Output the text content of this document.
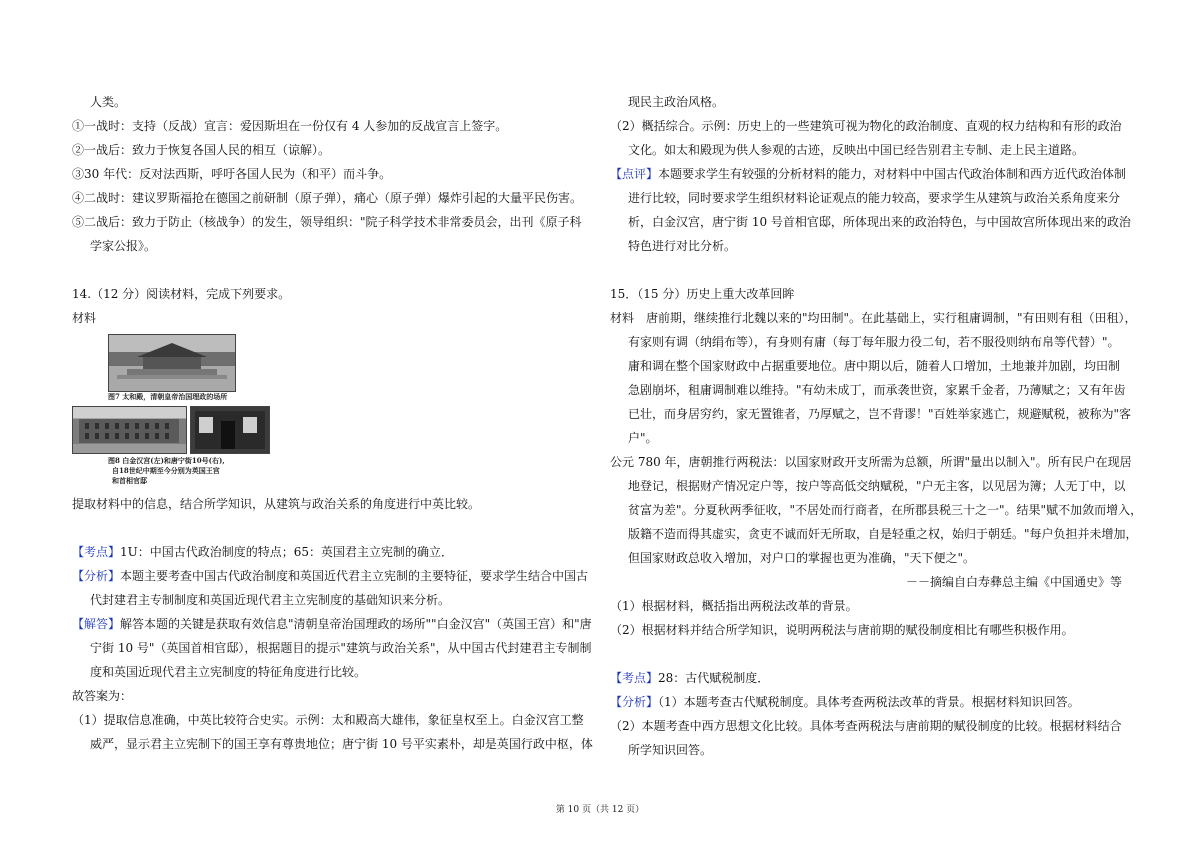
人类。
①一战时：支持（反战）宣言：爱因斯坦在一份仅有 4 人参加的反战宣言上签字。
②一战后：致力于恢复各国人民的相互（谅解）。
③30 年代：反对法西斯，呼吁各国人民为（和平）而斗争。
④二战时：建议罗斯福抢在德国之前研制（原子弹），痛心（原子弹）爆炸引起的大量平民伤害。
⑤二战后：致力于防止（核战争）的发生，领导组织："院子科学技术非常委员会，出刊《原子科
学家公报》。
14.（12 分）阅读材料，完成下列要求。
材料
图7 太和殿，清朝皇帝治国理政的场所
图8 白金汉宫(左)和唐宁街10号(右),
自18世纪中期至今分别为英国王宫
和首相官邸
提取材料中的信息，结合所学知识，从建筑与政治关系的角度进行中英比较。
【考点】1U：中国古代政治制度的特点；65：英国君主立宪制的确立．
【分析】本题主要考查中国古代政治制度和英国近代君主立宪制的主要特征，要求学生结合中国古
代封建君主专制制度和英国近现代君主立宪制度的基础知识来分析。
【解答】解答本题的关键是获取有效信息"清朝皇帝治国理政的场所""白金汉宫"（英国王宫）和"唐
宁街 10 号"（英国首相官邸），根据题目的提示"建筑与政治关系"，从中国古代封建君主专制制
度和英国近现代君主立宪制度的特征角度进行比较。
故答案为：
（1）提取信息准确，中英比较符合史实。示例：太和殿高大雄伟，象征皇权至上。白金汉宫工整
威严，显示君主立宪制下的国王享有尊贵地位；唐宁街 10 号平实素朴，却是英国行政中枢，体
现民主政治风格。
（2）概括综合。示例：历史上的一些建筑可视为物化的政治制度、直观的权力结构和有形的政治
文化。如太和殿现为供人参观的古迹，反映出中国已经告别君主专制、走上民主道路。
【点评】本题要求学生有较强的分析材料的能力，对材料中中国古代政治体制和西方近代政治体制
进行比较，同时要求学生组织材料论证观点的能力较高，要求学生从建筑与政治关系角度来分
析，白金汉宫，唐宁街 10 号首相官邸，所体现出来的政治特色，与中国故宫所体现出来的政治
特色进行对比分析。
15．（15 分）历史上重大改革回眸
材料　唐前期，继续推行北魏以来的"均田制"。在此基础上，实行租庸调制，"有田则有租（田租），
有家则有调（纳绢布等），有身则有庸（每丁每年服力役二旬，若不服役则纳布帛等代替）"。
庸和调在整个国家财政中占据重要地位。唐中期以后，随着人口增加，土地兼并加剧，均田制
急剧崩坏，租庸调制难以维持。"有幼未成丁，而承袭世资，家累千金者，乃薄赋之；又有年齿
已壮，而身居穷约，家无置锥者，乃厚赋之，岂不背谬！"百姓举家逃亡，规避赋税，被称为"客
户"。
公元 780 年，唐朝推行两税法：以国家财政开支所需为总额，所谓"量出以制入"。所有民户在现居
地登记，根据财产情况定户等，按户等高低交纳赋税，"户无主客，以见居为簿；人无丁中，以
贫富为差"。分夏秋两季征收，"不居处而行商者，在所郡县税三十之一"。结果"赋不加敛而增入，
版籍不造而得其虚实，贪吏不诚而奸无所取，自是轻重之权，始归于朝廷。"每户负担并未增加，
但国家财政总收入增加，对户口的掌握也更为准确，"天下便之"。
－－摘编自白寿彝总主编《中国通史》等
（1）根据材料，概括指出两税法改革的背景。
（2）根据材料并结合所学知识，说明两税法与唐前期的赋役制度相比有哪些积极作用。
【考点】28：古代赋税制度．
【分析】（1）本题考查古代赋税制度。具体考查两税法改革的背景。根据材料知识回答。
（2）本题考查中西方思想文化比较。具体考查两税法与唐前期的赋役制度的比较。根据材料结合
所学知识回答。
第 10 页（共 12 页）
